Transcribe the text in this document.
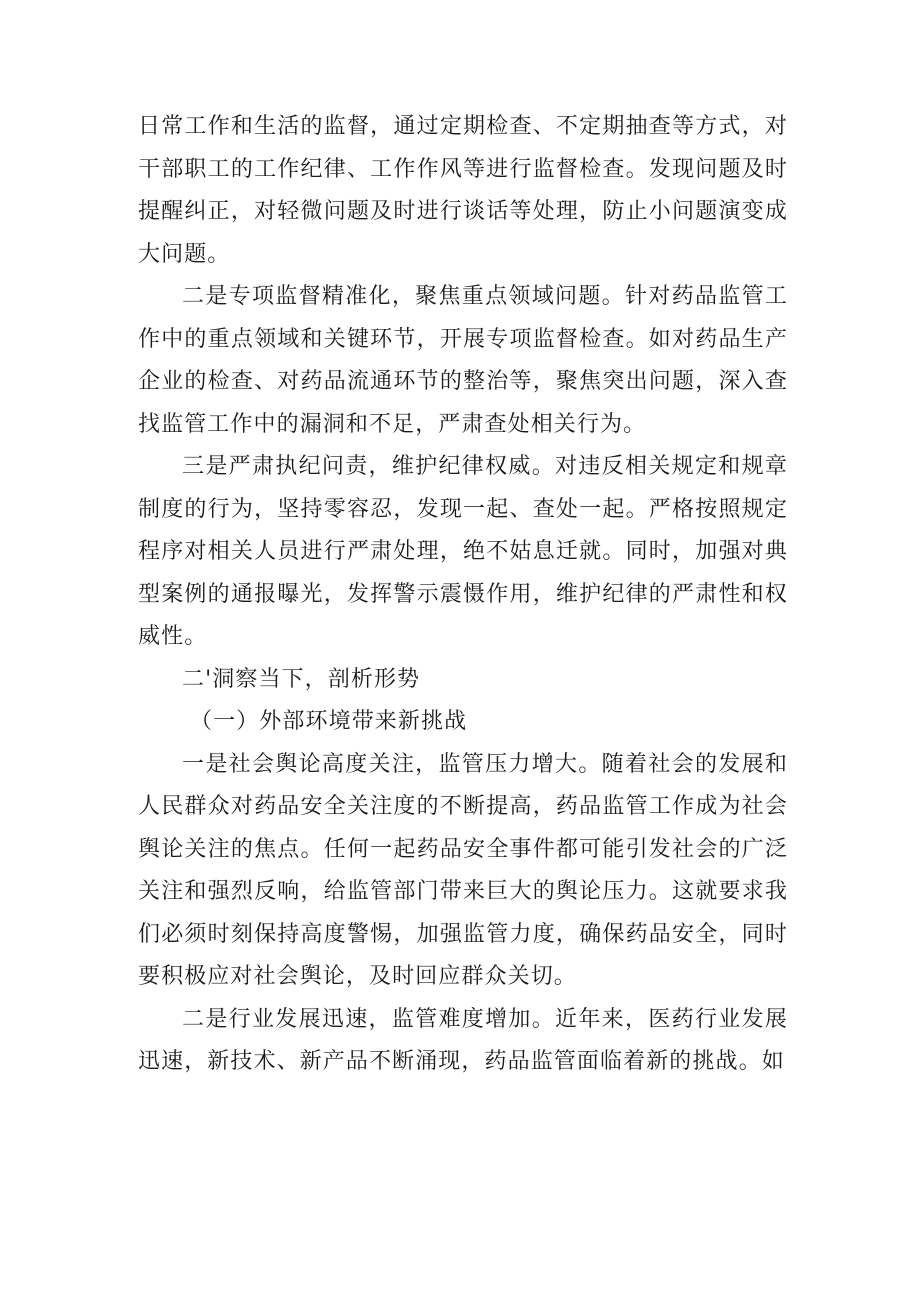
日常工作和生活的监督，通过定期检查、不定期抽查等方式，对干部职工的工作纪律、工作作风等进行监督检查。发现问题及时提醒纠正，对轻微问题及时进行谈话等处理，防止小问题演变成大问题。

二是专项监督精准化，聚焦重点领域问题。针对药品监管工作中的重点领域和关键环节，开展专项监督检查。如对药品生产企业的检查、对药品流通环节的整治等，聚焦突出问题，深入查找监管工作中的漏洞和不足，严肃查处相关行为。

三是严肃执纪问责，维护纪律权威。对违反相关规定和规章制度的行为，坚持零容忍，发现一起、查处一起。严格按照规定程序对相关人员进行严肃处理，绝不姑息迁就。同时，加强对典型案例的通报曝光，发挥警示震慑作用，维护纪律的严肃性和权威性。

二'洞察当下，剖析形势

（一）外部环境带来新挑战

一是社会舆论高度关注，监管压力增大。随着社会的发展和人民群众对药品安全关注度的不断提高，药品监管工作成为社会舆论关注的焦点。任何一起药品安全事件都可能引发社会的广泛关注和强烈反响，给监管部门带来巨大的舆论压力。这就要求我们必须时刻保持高度警惕，加强监管力度，确保药品安全，同时要积极应对社会舆论，及时回应群众关切。

二是行业发展迅速，监管难度增加。近年来，医药行业发展迅速，新技术、新产品不断涌现，药品监管面临着新的挑战。如
